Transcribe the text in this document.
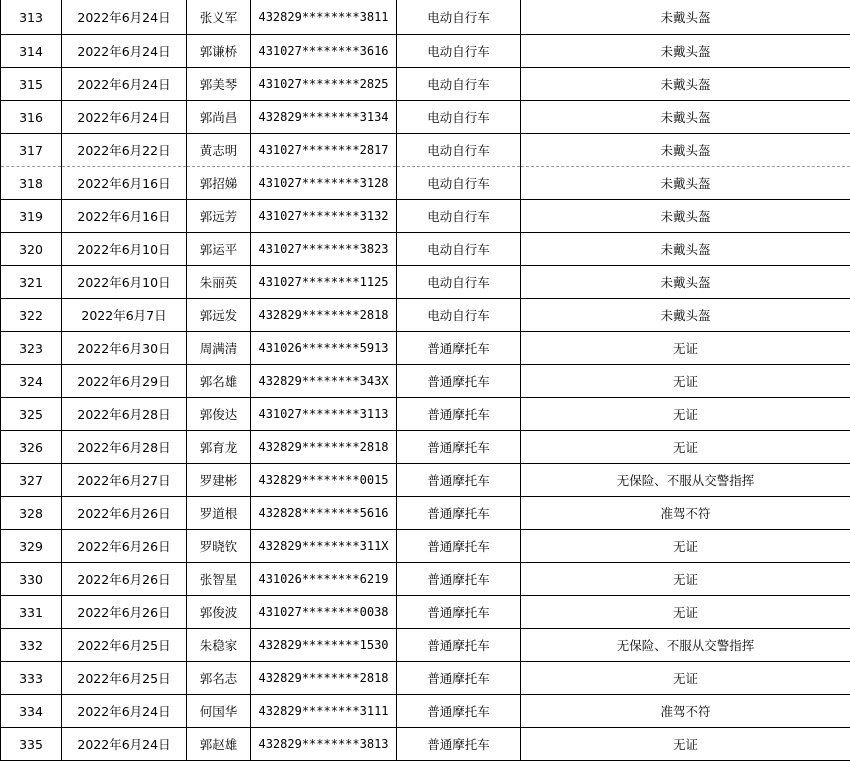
313	2022年6月24日	张义军	432829********3811	电动自行车	未戴头盔
314	2022年6月24日	郭谦桥	431027********3616	电动自行车	未戴头盔
315	2022年6月24日	郭美琴	431027********2825	电动自行车	未戴头盔
316	2022年6月24日	郭尚昌	432829********3134	电动自行车	未戴头盔
317	2022年6月22日	黄志明	431027********2817	电动自行车	未戴头盔
318	2022年6月16日	郭招娣	431027********3128	电动自行车	未戴头盔
319	2022年6月16日	郭远芳	431027********3132	电动自行车	未戴头盔
320	2022年6月10日	郭运平	431027********3823	电动自行车	未戴头盔
321	2022年6月10日	朱丽英	431027********1125	电动自行车	未戴头盔
322	2022年6月7日	郭远发	432829********2818	电动自行车	未戴头盔
323	2022年6月30日	周满清	431026********5913	普通摩托车	无证
324	2022年6月29日	郭名雄	432829********343X	普通摩托车	无证
325	2022年6月28日	郭俊达	431027********3113	普通摩托车	无证
326	2022年6月28日	郭育龙	432829********2818	普通摩托车	无证
327	2022年6月27日	罗建彬	432829********0015	普通摩托车	无保险、不服从交警指挥
328	2022年6月26日	罗道根	432828********5616	普通摩托车	准驾不符
329	2022年6月26日	罗晓钦	432829********311X	普通摩托车	无证
330	2022年6月26日	张智星	431026********6219	普通摩托车	无证
331	2022年6月26日	郭俊波	431027********0038	普通摩托车	无证
332	2022年6月25日	朱稳家	432829********1530	普通摩托车	无保险、不服从交警指挥
333	2022年6月25日	郭名志	432829********2818	普通摩托车	无证
334	2022年6月24日	何国华	432829********3111	普通摩托车	准驾不符
335	2022年6月24日	郭赵雄	432829********3813	普通摩托车	无证
